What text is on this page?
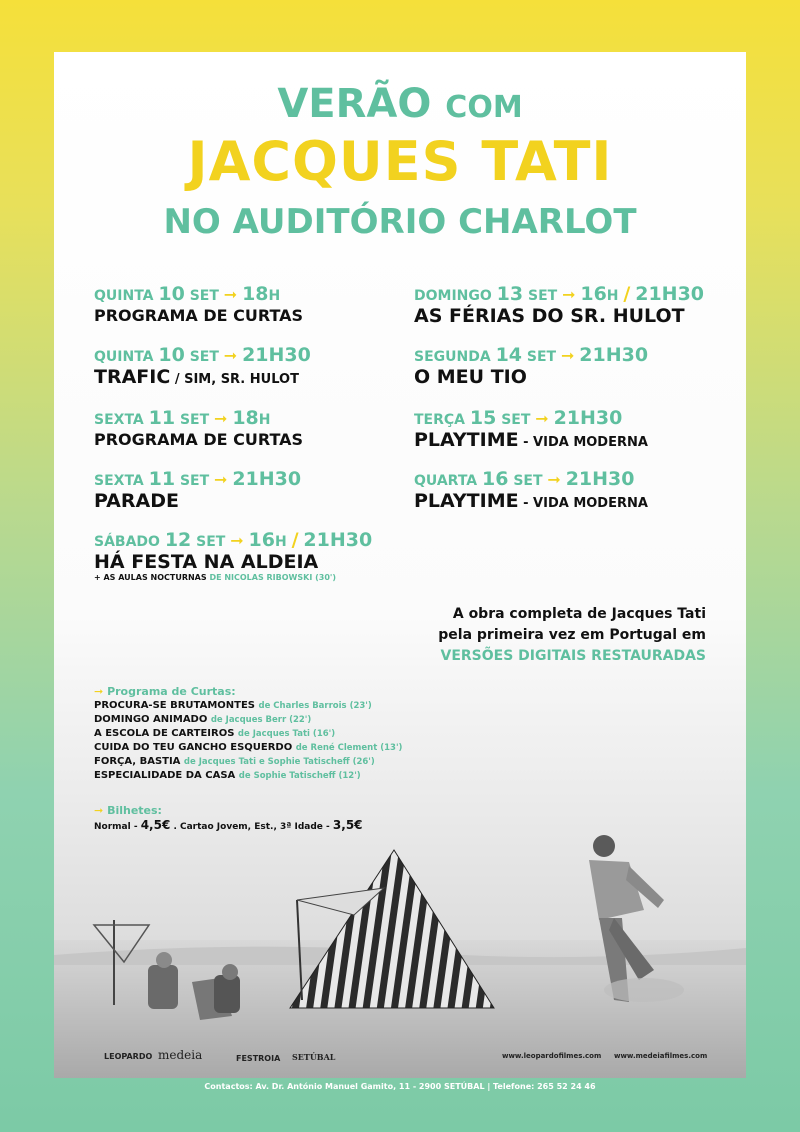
VERÃO COM
JACQUES TATI
NO AUDITÓRIO CHARLOT
QUINTA 10 SET ➞ 18H
PROGRAMA DE CURTAS
QUINTA 10 SET ➞ 21H30
TRAFIC / SIM, SR. HULOT
SEXTA 11 SET ➞ 18H
PROGRAMA DE CURTAS
SEXTA 11 SET ➞ 21H30
PARADE
SÁBADO 12 SET ➞ 16H / 21H30
HÁ FESTA NA ALDEIA
+ AS AULAS NOCTURNAS DE NICOLAS RIBOWSKI (30')
DOMINGO 13 SET ➞ 16H / 21H30
AS FÉRIAS DO SR. HULOT
SEGUNDA 14 SET ➞ 21H30
O MEU TIO
TERÇA 15 SET ➞ 21H30
PLAYTIME - VIDA MODERNA
QUARTA 16 SET ➞ 21H30
PLAYTIME - VIDA MODERNA
A obra completa de Jacques Tati
pela primeira vez em Portugal em
VERSÕES DIGITAIS RESTAURADAS
➞ Programa de Curtas:
PROCURA-SE BRUTAMONTES de Charles Barrois (23')
DOMINGO ANIMADO de Jacques Berr (22')
A ESCOLA DE CARTEIROS de Jacques Tati (16')
CUIDA DO TEU GANCHO ESQUERDO de René Clement (13')
FORÇA, BASTIA de Jacques Tati e Sophie Tatischeff (26')
ESPECIALIDADE DA CASA de Sophie Tatischeff (12')
➞ Bilhetes:
Normal - 4,5€ . Cartao Jovem, Est., 3ª Idade - 3,5€
LEOPARDO medeia	FESTROIA SETÚBAL	www.leopardofilmes.com www.medeiafilmes.com
Contactos: Av. Dr. António Manuel Gamito, 11 - 2900 SETÚBAL | Telefone: 265 52 24 46
